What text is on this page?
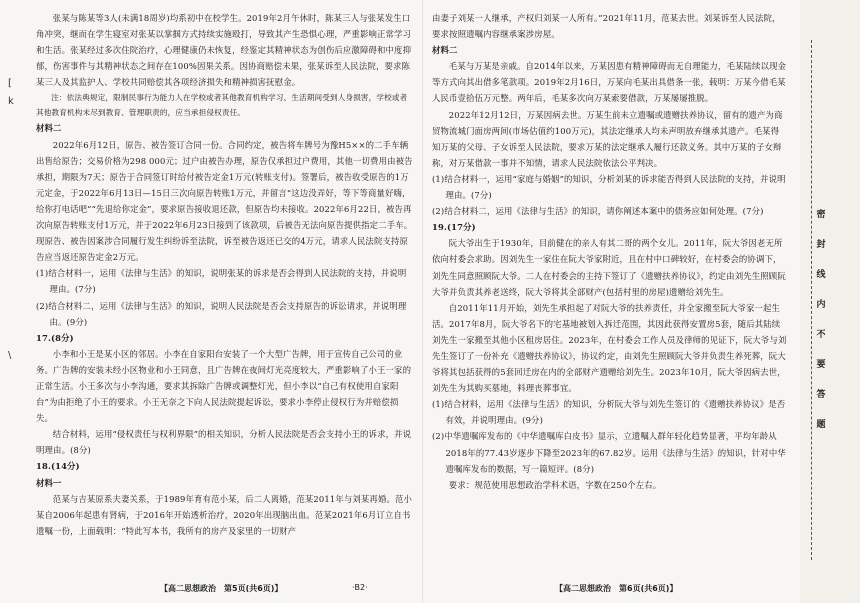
[
k
\

张某与陈某等3人(未满18周岁)均系初中在校学生。2019年2月午休时，陈某三人与张某发生口角冲突，继而在学生寝室对张某以掌掴方式持续实施殴打，导致其产生恐惧心理，严重影响正常学习和生活。张某经过多次住院治疗，心理健康仍未恢复，经鉴定其精神状态为创伤后应激障碍和中度抑郁，伤害事件与其精神状态之间存在100%因果关系。因协商赔偿未果，张某诉至人民法院，要求陈某三人及其监护人、学校共同赔偿其各项经济损失和精神损害抚慰金。

注：依法典规定，限制民事行为能力人在学校或者其他教育机构学习、生活期间受到人身损害，学校或者其他教育机构未尽到教育、管理职责的，应当承担侵权责任。

材料二

2022年6月12日，原告、被告签订合同一份。合同约定，被告将车牌号为豫H5××的二手车辆出售给原告；交易价格为298 000元；过户由被告办理，原告仅承担过户费用，其他一切费用由被告承担，期限为7天；原告于合同签订时给付被告定金1万元(转账支付)。签署后，被告收受原告的1万元定金，于2022年6月13日—15日三次向原告转账1万元，并留言“这边没弄好，等下等商量好嗨，给你打电话吧”“先退给你定金”，要求原告接收退还款，但原告均未接收。2022年6月22日，被告再次向原告转账支付1万元，并于2022年6月23日接到了该款项，后被告无法向原告提供指定二手车。现原告、被告因案涉合同履行发生纠纷诉至法院，诉至被告返还已交的4万元，请求人民法院支持原告应当返还原告定金2万元。

(1)结合材料一，运用《法律与生活》的知识，说明张某的诉求是否会得到人民法院的支持，并说明理由。(7分)

(2)结合材料二，运用《法律与生活》的知识，说明人民法院是否会支持原告的诉讼请求，并说明理由。(9分)

17.(8分)

小李和小王是某小区的邻居。小李在自家阳台安装了一个大型广告牌，用于宣传自己公司的业务。广告牌的安装未经小区物业和小王同意，且广告牌在夜间灯光亮度较大，严重影响了小王一家的正常生活。小王多次与小李沟通，要求其拆除广告牌或调整灯光，但小李以“自己有权使用自家阳台”为由拒绝了小王的要求。小王无奈之下向人民法院提起诉讼，要求小李停止侵权行为并赔偿损失。

结合材料，运用“侵权责任与权利界限”的相关知识，分析人民法院是否会支持小王的诉求，并说明理由。(8分)

18.(14分)

材料一

范某与吉某原系夫妻关系，于1989年育有范小某，后二人离婚，范某2011年与刘某再婚。范小某自2006年起患有肾病，于2016年开始透析治疗，2020年出现脑出血。范某2021年6月订立自书遗嘱一份，上面载明：“特此写本书，我所有的房产及家里的一切财产

由妻子刘某一人继承，产权归刘某一人所有。”2021年11月，范某去世。刘某诉至人民法院，要求按照遗嘱内容继承案涉房屋。

材料二

毛某与万某是亲戚。自2014年以来，万某因患有精神障碍而无自理能力，毛某陆续以现金等方式向其出借多笔款项。2019年2月16日，万某向毛某出具借条一张，载明：万某今借毛某人民币壹拾伍万元整。两年后，毛某多次向万某索要借款，万某屡屡推脱。

2022年12月12日，万某因病去世。万某生前未立遗嘱或遗赠扶养协议，留有的遗产为商贸物流城门面房两间(市场估值约100万元)，其法定继承人均未声明放弃继承其遗产。毛某得知万某的父母、子女诉至人民法院，要求万某的法定继承人履行还款义务。其中万某的子女辩称，对万某借款一事并不知情，请求人民法院依法公平判决。

(1)结合材料一，运用“家庭与婚姻”的知识，分析刘某的诉求能否得到人民法院的支持，并说明理由。(7分)

(2)结合材料二，运用《法律与生活》的知识，请你阐述本案中的债务应如何处理。(7分)

19.(17分)

阮大爷出生于1930年，目前健在的亲人有其二哥的两个女儿。2011年，阮大爷因老无所依向村委会求助。因刘先生一家住在阮大爷家附近，且在村中口碑较好，在村委会的协调下，刘先生同意照顾阮大爷。二人在村委会的主持下签订了《遗赠扶养协议》，约定由刘先生照顾阮大爷并负责其养老送终，阮大爷将其全部财产(包括村里的房屋)遗赠给刘先生。

自2011年11月开始，刘先生承担起了对阮大爷的扶养责任，并全家搬至阮大爷家一起生活。2017年8月，阮大爷名下的宅基地被划入拆迁范围，其因此获得安置房5套，随后其陆续刘先生一家搬至其他小区租房居住。2023年，在村委会工作人员及律师的见证下，阮大爷与刘先生签订了一份补充《遗赠扶养协议》，协议约定，由刘先生照顾阮大爷并负责生养死葬，阮大爷将其包括获得的5套回迁房在内的全部财产遗赠给刘先生。2023年10月，阮大爷因病去世，刘先生为其购买墓地，料理丧葬事宜。

(1)结合材料，运用《法律与生活》的知识，分析阮大爷与刘先生签订的《遗赠扶养协议》是否有效，并说明理由。(9分)

(2)中华遗嘱库发布的《中华遗嘱库白皮书》显示，立遗嘱人群年轻化趋势显著，平均年龄从2018年的77.43岁逐步下降至2023年的67.82岁。运用《法律与生活》的知识，针对中华遗嘱库发布的数据，写一篇短评。(8分)

要求：规范使用思想政治学科术语，字数在250个左右。

【高二思想政治　第5页(共6页)】	·B2·	【高二思想政治　第6页(共6页)】
密封线内不要答题
